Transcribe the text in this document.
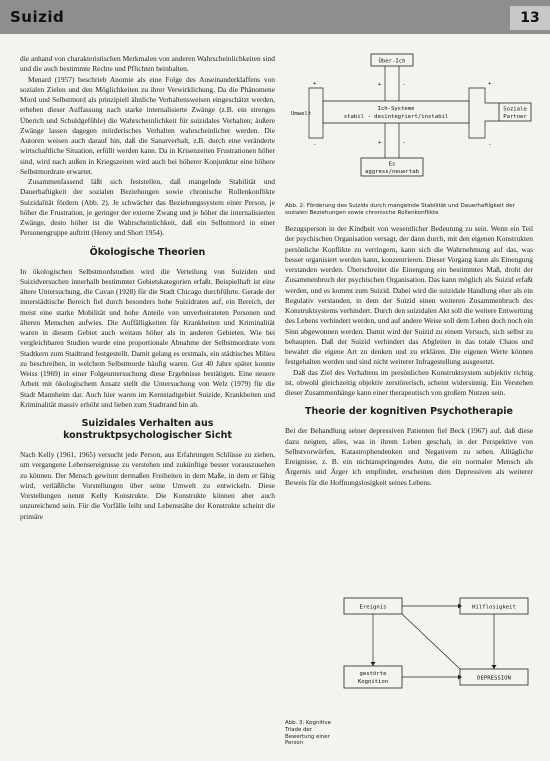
Suizid	13

die anhand von charakteristischen Merkmalen von anderen Wahrscheinlichkeiten sind und die auch bestimmte Rechte und Pflichten beinhalten.

Menard (1957) beschrieb Anomie als eine Folge des Auseinanderklaffens von sozialen Zielen und den Möglichkeiten zu ihrer Verwirklichung. Da die Phänomene Mord und Selbstmord als prinzipiell ähnliche Verhaltensweisen eingeschätzt werden, erheben dieser Auffassung nach starke internalisierte Zwänge (z.B. ein strenges Überich und Schuldgefühle) die Wahrscheinlichkeit für suizidales Verhalten; äußere Zwänge lassen dagegen mörderisches Verhalten wahrscheinlicher werden. Die Autoren weisen auch darauf hin, daß die Sanarverhalt, z.B. durch eine veränderte wirtschaftliche Situation, erfüllt werden kann. Da in Krisenzeiten Frustrationen höher sind, wird nach außen in Kriegszeiten wird auch bei höherer Konjunktur eine höhere Selbstmordrate erwartet.

Zusammenfassend läßt sich feststellen, daß mangelnde Stabilität und Dauerhaftigkeit der sozialen Beziehungen sowie chronische Rollenkonflikte Suizidalität fördern (Abb. 2). Je schwächer das Beziehungssystem einer Person, je höher die Frustration, je geringer der externe Zwang und je höher die internalisierten Zwänge, desto höher ist die Wahrscheinlichkeit, daß ein Selbstmord in einer Personengruppe auftritt (Henry und Short 1954).

Ökologische Theorien

In ökologischen Selbstmordstudien wird die Verteilung von Suiziden und Suizidversuchen innerhalb bestimmter Gebietskategorien erfaßt. Beispielhaft ist eine ältere Untersuchung, die Cavan (1928) für die Stadt Chicago durchführte. Gerade der innerstädtische Bereich fiel durch besonders hohe Suizidraten auf, ein Bereich, der meist eine starke Mobilität und hohe Anteile von unverheirateten Personen und älteren Menschen aufwies. Die Auffälligkeiten für Krankheiten und Kriminalität waren in diesem Gebiet auch weitaus höher als in anderen Gebieten. Wie bei vergleichbaren Studien wurde eine proportionale Abnahme der Selbstmordrate vom Stadtkern zum Stadtrand festgestellt. Damit gelang es erstmals, ein städtisches Milieu zu beschreiben, in welchem Selbstmorde häufig waren. Gut 40 Jahre später konnte Weiss (1969) in einer Folgeuntersuchung diese Ergebnisse bestätigen. Eine neuere Arbeit mit ökologischem Ansatz stellt die Untersuchung von Welz (1979) für die Stadt Mannheim dar. Auch hier waren im Kernstadtgebiet Suizide, Krankheiten und Kriminalität massiv erhöht und lieben zum Stadtrand hin ab.

Suizidales Verhalten aus konstruktpsychologischer Sicht

Nach Kelly (1961, 1965) versucht jede Person, aus Erfahrungen Schlüsse zu ziehen, um vergangene Lebensereignisse zu verstehen und zukünftige besser vorauszusehen zu können. Der Mensch gewinnt dermaßen Freiheiten in dem Maße, in dem er fähig wird, verläßliche Vorstellungen über seine Umwelt zu entwickeln. Diese Vorstellungen nennt Kelly Konstrukte. Die Konstrukte können aber auch unzureichend sein. Für die Vorfälle leiht und Lebensnähe der Konstrukte scheint die primäre

Über-Ich
Ich-Systeme
stabil - desintegriert/instabil
Umwelt
Soziale
Partner
Es
aggress/neuertab
+	-
+	-
+
-
+
-
Abb. 2: Förderung des Suizids durch mangelnde Stabilität und Dauerhaftigkeit der sozialen Beziehungen sowie chronische Rollenkonflikte

Bezugsperson in der Kindheit von wesentlicher Bedeutung zu sein. Wenn ein Teil der psychischen Organisation versagt, der dann durch, mit den eigenen Konstrukten persönliche Konflikte zu verringern, kann sich die Wahrnehmung auf das, was besser organisiert werden kann, konzentrieren. Dieser Vorgang kann als Einengung verstanden werden. Überschreitet die Einengung ein bestimmtes Maß, droht der Zusammenbruch der psychischen Organisation. Das kann möglich als Suizid erfaßt werden, und es kommt zum Suizid. Dabei wird die suizidale Handlung eher als ein Regulativ verstanden, in dem der Suizid einen weiteren Zusammenbruch des Konstruktsystems verhindert. Durch den suizidalen Akt soll die weitere Entwertung des Lebens verhindert werden, und auf andere Weise soll dem Leben doch noch ein Sinn abgewonnen werden. Damit wird der Suizid zu einem Versuch, sich selbst zu behaupten. Daß der Suizid verhindert das Abgleiten in das totale Chaos und bewahrt die eigene Art zu denken und zu erklären. Die eigenen Werte können festgehalten werden und sind nicht weiterer Infragestellung ausgesetzt.

Daß das Ziel des Verhaltens im persönlichen Konstruktsystem subjektiv richtig ist, obwohl gleichzeitig objektiv zerstörerisch, scheint widersinnig. Ein Verstehen dieser Zusammenhänge kann einer therapeutisch von großem Nutzen sein.

Theorie der kognitiven Psychotherapie

Bei der Behandlung seiner depressiven Patienten fiel Beck (1967) auf, daß diese dazu neigten, alles, was in ihrem Leben geschah, in der Perspektive von Selbstvorwürfen, Katastrophendenken und Negativem zu sehen. Alltägliche Ereignisse, z. B. ein nichtanspringendes Auto, die ein normaler Mensch als Ärgernis und Ärger ich empfindet, erscheinen dem Depressiven als weiterer Beweis für die Hoffnungslosigkeit seines Lebens.

Ereignis	Hilflosigkeit
gestörte
Kognition
DEPRESSION
Abb. 3: Kognitive Triade der Bewertung einer Person
